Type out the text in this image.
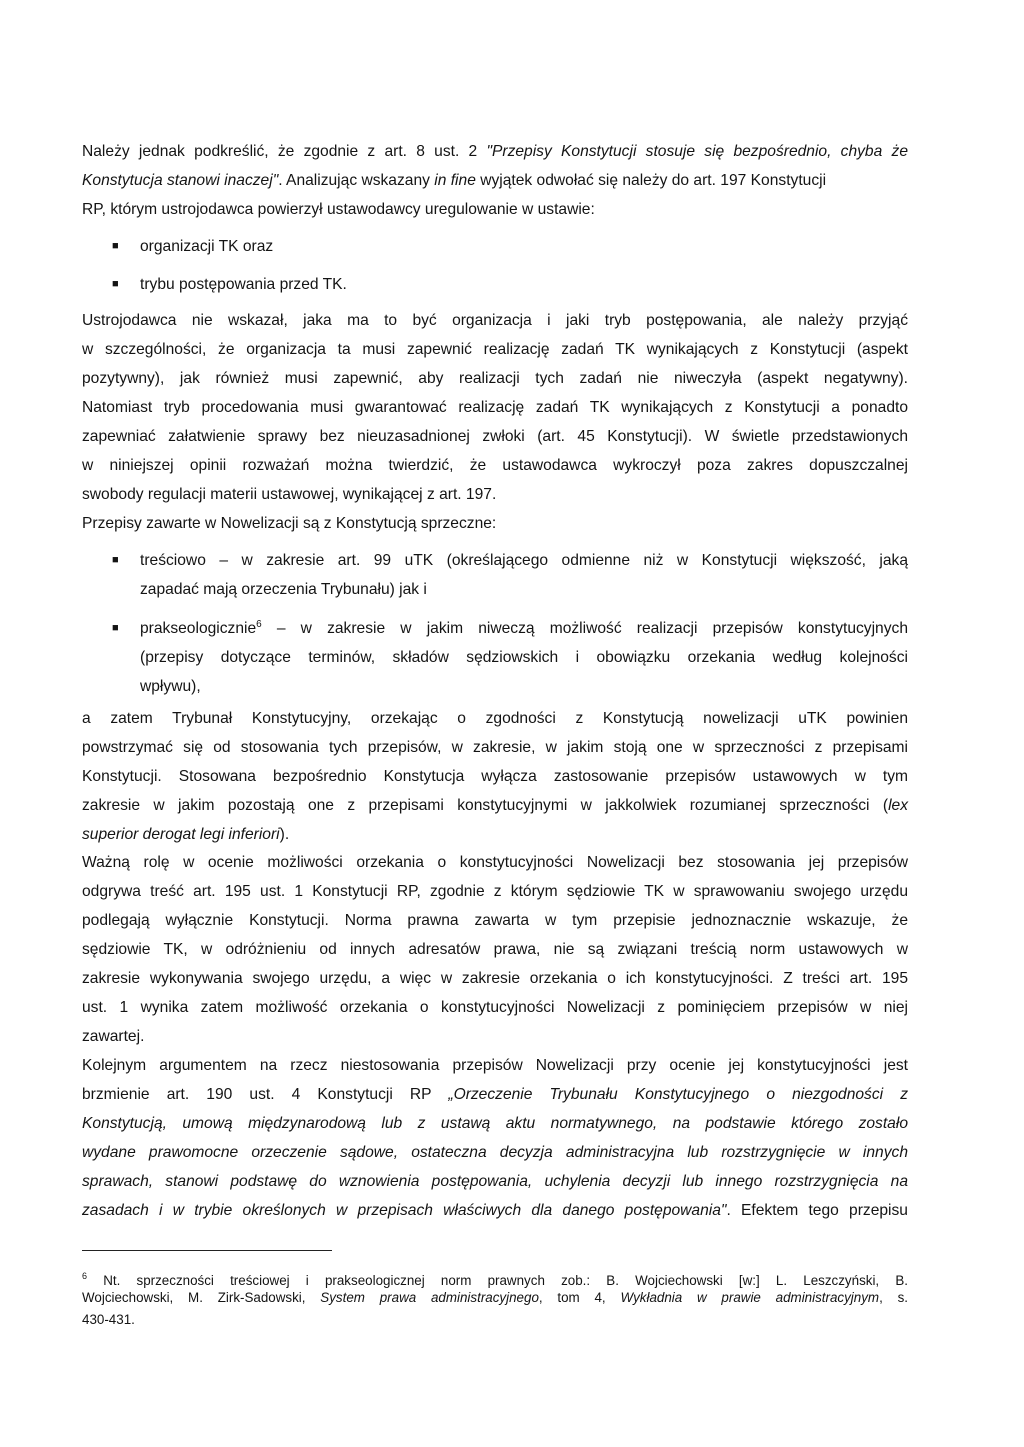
Należy jednak podkreślić, że zgodnie z art. 8 ust. 2 "Przepisy Konstytucji stosuje się bezpośrednio, chyba że
Konstytucja stanowi inaczej". Analizując wskazany in fine wyjątek odwołać się należy do art. 197 Konstytucji
RP, którym ustrojodawca powierzył ustawodawcy uregulowanie w ustawie:
■ organizacji TK oraz
■ trybu postępowania przed TK.
Ustrojodawca nie wskazał, jaka ma to być organizacja i jaki tryb postępowania, ale należy przyjąć
w szczególności, że organizacja ta musi zapewnić realizację zadań TK wynikających z Konstytucji (aspekt
pozytywny), jak również musi zapewnić, aby realizacji tych zadań nie niweczyła (aspekt negatywny).
Natomiast tryb procedowania musi gwarantować realizację zadań TK wynikających z Konstytucji a ponadto
zapewniać załatwienie sprawy bez nieuzasadnionej zwłoki (art. 45 Konstytucji). W świetle przedstawionych
w niniejszej opinii rozważań można twierdzić, że ustawodawca wykroczył poza zakres dopuszczalnej
swobody regulacji materii ustawowej, wynikającej z art. 197.
Przepisy zawarte w Nowelizacji są z Konstytucją sprzeczne:
■ treściowo – w zakresie art. 99 uTK (określającego odmienne niż w Konstytucji większość, jaką
zapadać mają orzeczenia Trybunału) jak i
■ prakseologicznie$^6$ – w zakresie w jakim niweczą możliwość realizacji przepisów konstytucyjnych
(przepisy dotyczące terminów, składów sędziowskich i obowiązku orzekania według kolejności
wpływu),
a zatem Trybunał Konstytucyjny, orzekając o zgodności z Konstytucją nowelizacji uTK powinien
powstrzymać się od stosowania tych przepisów, w zakresie, w jakim stoją one w sprzeczności z przepisami
Konstytucji. Stosowana bezpośrednio Konstytucja wyłącza zastosowanie przepisów ustawowych w tym
zakresie w jakim pozostają one z przepisami konstytucyjnymi w jakkolwiek rozumianej sprzeczności (lex
superior derogat legi inferiori).
Ważną rolę w ocenie możliwości orzekania o konstytucyjności Nowelizacji bez stosowania jej przepisów
odgrywa treść art. 195 ust. 1 Konstytucji RP, zgodnie z którym sędziowie TK w sprawowaniu swojego urzędu
podlegają wyłącznie Konstytucji. Norma prawna zawarta w tym przepisie jednoznacznie wskazuje, że
sędziowie TK, w odróżnieniu od innych adresatów prawa, nie są związani treścią norm ustawowych w
zakresie wykonywania swojego urzędu, a więc w zakresie orzekania o ich konstytucyjności. Z treści art. 195
ust. 1 wynika zatem możliwość orzekania o konstytucyjności Nowelizacji z pominięciem przepisów w niej
zawartej.
Kolejnym argumentem na rzecz niestosowania przepisów Nowelizacji przy ocenie jej konstytucyjności jest
brzmienie art. 190 ust. 4 Konstytucji RP „Orzeczenie Trybunału Konstytucyjnego o niezgodności z
Konstytucją, umową międzynarodową lub z ustawą aktu normatywnego, na podstawie którego zostało
wydane prawomocne orzeczenie sądowe, ostateczna decyzja administracyjna lub rozstrzygnięcie w innych
sprawach, stanowi podstawę do wznowienia postępowania, uchylenia decyzji lub innego rozstrzygnięcia na
zasadach i w trybie określonych w przepisach właściwych dla danego postępowania". Efektem tego przepisu
$^6$ Nt. sprzeczności treściowej i prakseologicznej norm prawnych zob.: B. Wojciechowski [w:] L. Leszczyński, B.
Wojciechowski, M. Zirk-Sadowski, System prawa administracyjnego, tom 4, Wykładnia w prawie administracyjnym, s.
430-431.
